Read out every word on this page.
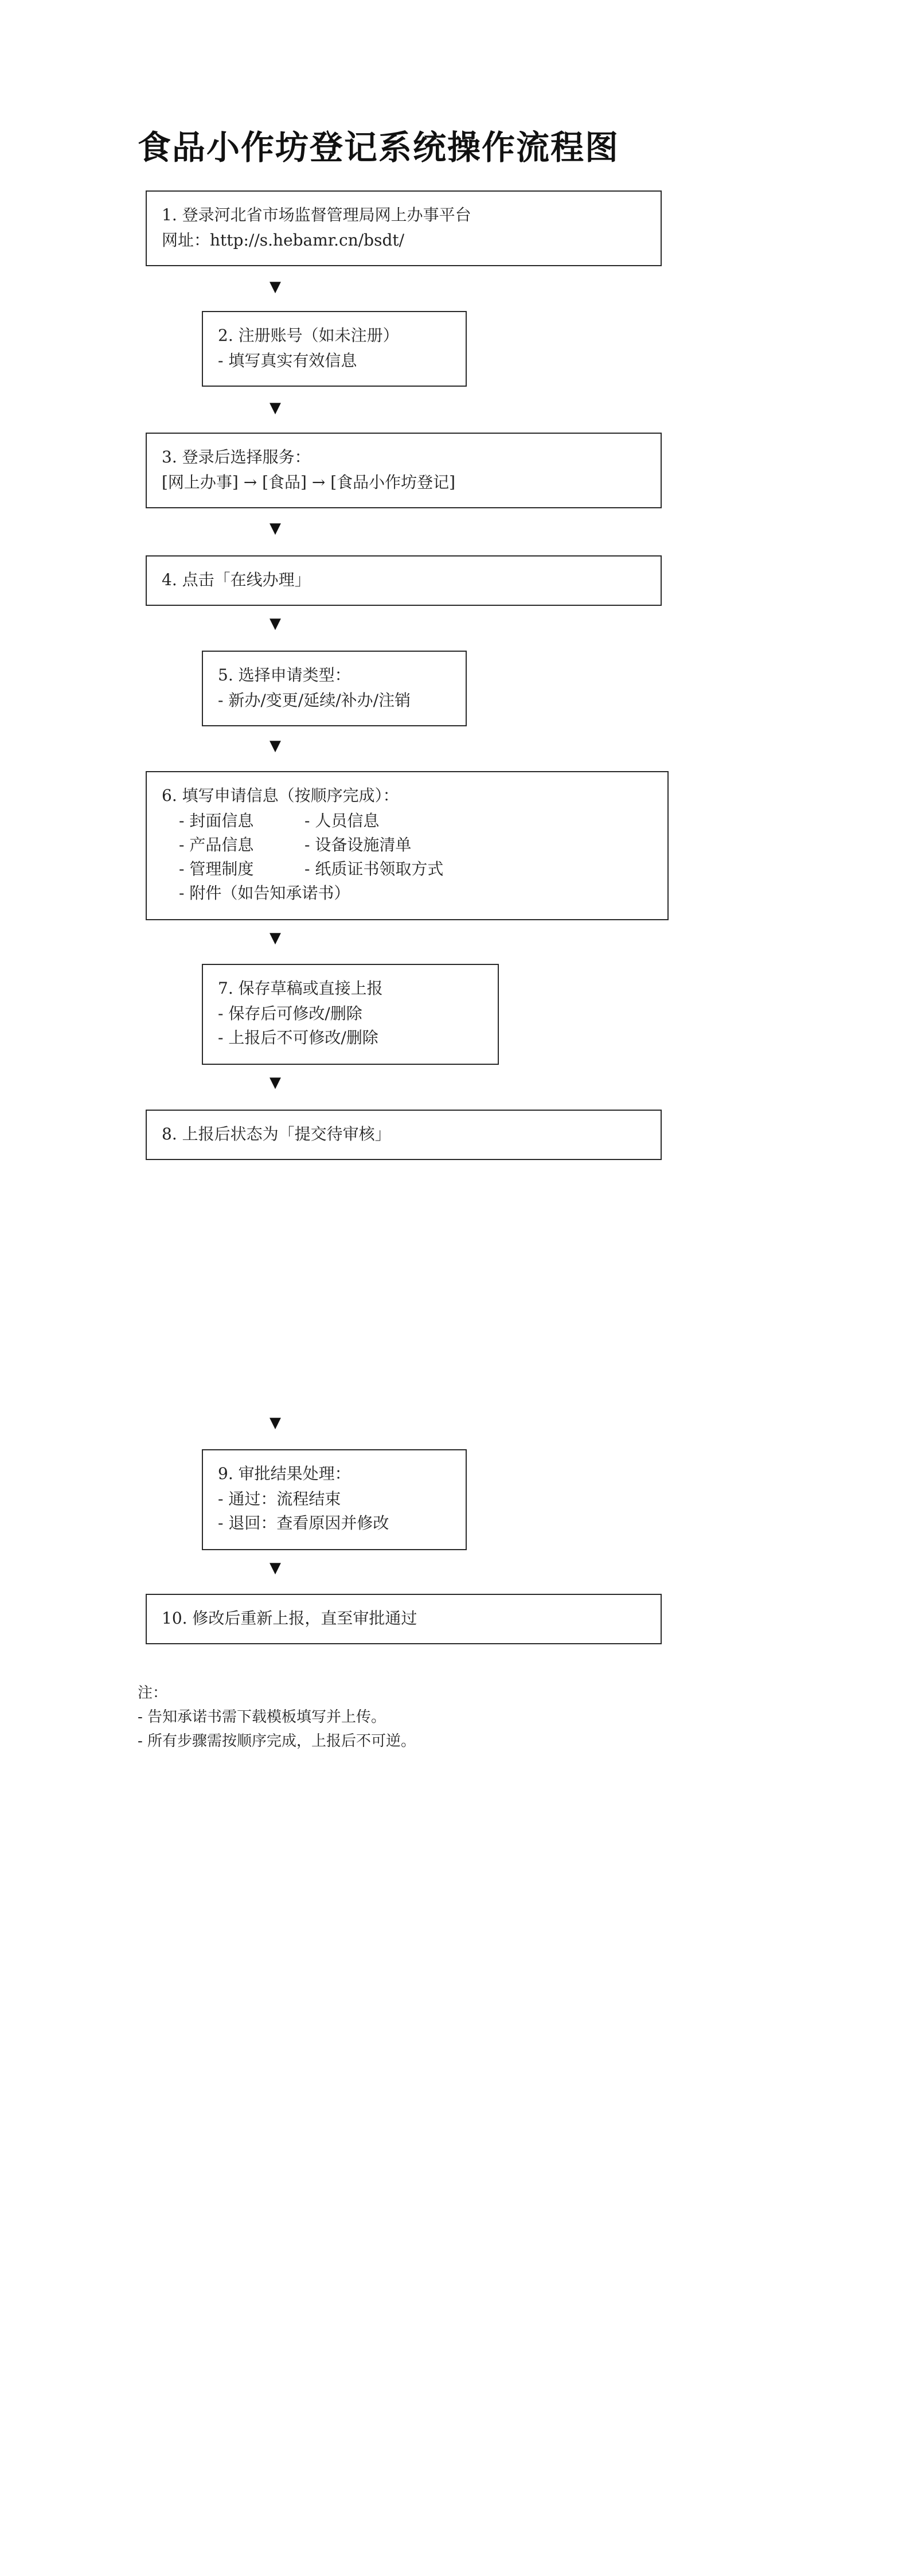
食品小作坊登记系统操作流程图
1. 登录河北省市场监督管理局网上办事平台
网址：http://s.hebamr.cn/bsdt/
▼
2. 注册账号（如未注册）
- 填写真实有效信息
▼
3. 登录后选择服务：
[网上办事] → [食品] → [食品小作坊登记]
▼
4. 点击「在线办理」
▼
5. 选择申请类型：
- 新办/变更/延续/补办/注销
▼
6. 填写申请信息（按顺序完成）：
- 封面信息	- 人员信息
- 产品信息	- 设备设施清单
- 管理制度	- 纸质证书领取方式
- 附件（如告知承诺书）
▼
7. 保存草稿或直接上报
- 保存后可修改/删除
- 上报后不可修改/删除
▼
8. 上报后状态为「提交待审核」
▼
9. 审批结果处理：
- 通过：流程结束
- 退回：查看原因并修改
▼
10. 修改后重新上报，直至审批通过
注：
- 告知承诺书需下载模板填写并上传。
- 所有步骤需按顺序完成，上报后不可逆。
